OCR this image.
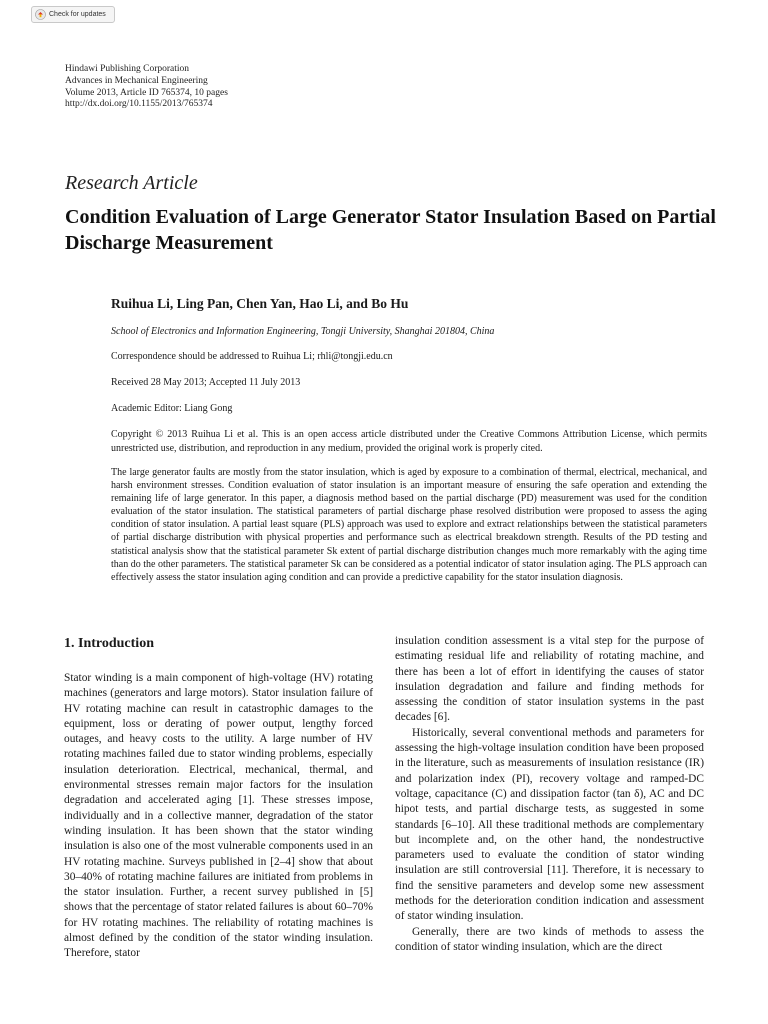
Check for updates
Hindawi Publishing Corporation
Advances in Mechanical Engineering
Volume 2013, Article ID 765374, 10 pages
http://dx.doi.org/10.1155/2013/765374
Research Article
Condition Evaluation of Large Generator Stator Insulation Based on Partial Discharge Measurement
Ruihua Li, Ling Pan, Chen Yan, Hao Li, and Bo Hu
School of Electronics and Information Engineering, Tongji University, Shanghai 201804, China
Correspondence should be addressed to Ruihua Li; rhli@tongji.edu.cn
Received 28 May 2013; Accepted 11 July 2013
Academic Editor: Liang Gong
Copyright © 2013 Ruihua Li et al. This is an open access article distributed under the Creative Commons Attribution License, which permits unrestricted use, distribution, and reproduction in any medium, provided the original work is properly cited.
The large generator faults are mostly from the stator insulation, which is aged by exposure to a combination of thermal, electrical, mechanical, and harsh environment stresses. Condition evaluation of stator insulation is an important measure of ensuring the safe operation and extending the remaining life of large generator. In this paper, a diagnosis method based on the partial discharge (PD) measurement was used for the condition evaluation of the stator insulation. The statistical parameters of partial discharge phase resolved distribution were proposed to assess the aging condition of stator insulation. A partial least square (PLS) approach was used to explore and extract relationships between the statistical parameters of partial discharge distribution with physical properties and performance such as electrical breakdown strength. Results of the PD testing and statistical analysis show that the statistical parameter Sk extent of partial discharge distribution changes much more remarkably with the aging time than do the other parameters. The statistical parameter Sk can be considered as a potential indicator of stator insulation aging. The PLS approach can effectively assess the stator insulation aging condition and can provide a predictive capability for the stator insulation diagnosis.
1. Introduction

Stator winding is a main component of high-voltage (HV) rotating machines (generators and large motors). Stator insulation failure of HV rotating machine can result in catastrophic damages to the equipment, loss or derating of power output, lengthy forced outages, and heavy costs to the utility. A large number of HV rotating machines failed due to stator winding problems, especially insulation deterioration. Electrical, mechanical, thermal, and environmental stresses remain major factors for the insulation degradation and accelerated aging [1]. These stresses impose, individually and in a collective manner, degradation of the stator winding insulation. It has been shown that the stator winding insulation is also one of the most vulnerable components used in an HV rotating machine. Surveys published in [2–4] show that about 30–40% of rotating machine failures are initiated from problems in the stator insulation. Further, a recent survey published in [5] shows that the percentage of stator related failures is about 60–70% for HV rotating machines. The reliability of rotating machines is almost defined by the condition of the stator winding insulation. Therefore, stator

insulation condition assessment is a vital step for the purpose of estimating residual life and reliability of rotating machine, and there has been a lot of effort in identifying the causes of stator insulation degradation and failure and finding methods for assessing the condition of stator insulation systems in the past decades [6].

Historically, several conventional methods and parameters for assessing the high-voltage insulation condition have been proposed in the literature, such as measurements of insulation resistance (IR) and polarization index (PI), recovery voltage and ramped-DC voltage, capacitance (C) and dissipation factor (tan δ), AC and DC hipot tests, and partial discharge tests, as suggested in some standards [6–10]. All these traditional methods are complementary but incomplete and, on the other hand, the nondestructive parameters used to evaluate the condition of stator winding insulation are still controversial [11]. Therefore, it is necessary to find the sensitive parameters and develop some new assessment methods for the deterioration condition indication and assessment of stator winding insulation.

Generally, there are two kinds of methods to assess the condition of stator winding insulation, which are the direct
